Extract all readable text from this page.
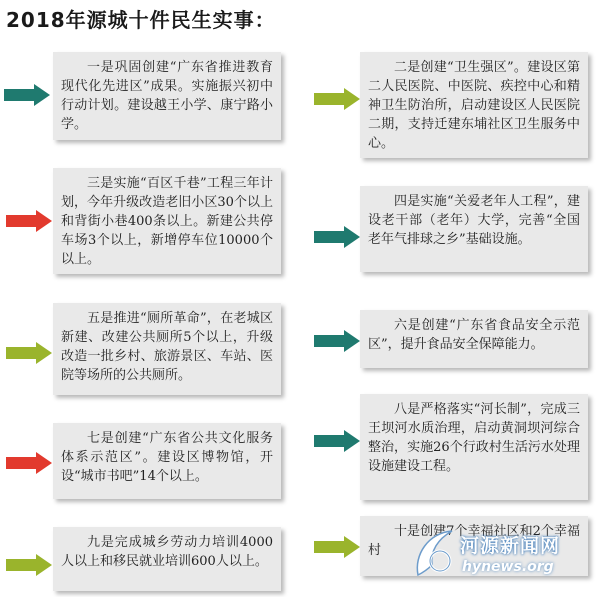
2018年源城十件民生实事：
一是巩固创建“广东省推进教育现代化先进区”成果。实施振兴初中行动计划。建设越王小学、康宁路小学。
三是实施“百区千巷”工程三年计划，今年升级改造老旧小区30个以上和背街小巷400条以上。新建公共停车场3个以上，新增停车位10000个以上。
五是推进“厕所革命”，在老城区新建、改建公共厕所5个以上，升级改造一批乡村、旅游景区、车站、医院等场所的公共厕所。
七是创建“广东省公共文化服务体系示范区”。建设区博物馆，开设“城市书吧”14个以上。
九是完成城乡劳动力培训4000人以上和移民就业培训600人以上。
二是创建“卫生强区”。建设区第二人民医院、中医院、疾控中心和精神卫生防治所，启动建设区人民医院二期，支持迁建东埔社区卫生服务中心。
四是实施“关爱老年人工程”，建设老干部（老年）大学，完善“全国老年气排球之乡”基础设施。
六是创建“广东省食品安全示范区”，提升食品安全保障能力。
八是严格落实“河长制”，完成三王坝河水质治理，启动黄洞坝河综合整治，实施26个行政村生活污水处理设施建设工程。
十是创建7个幸福社区和2个幸福村	河源新闻网
hynews.org
